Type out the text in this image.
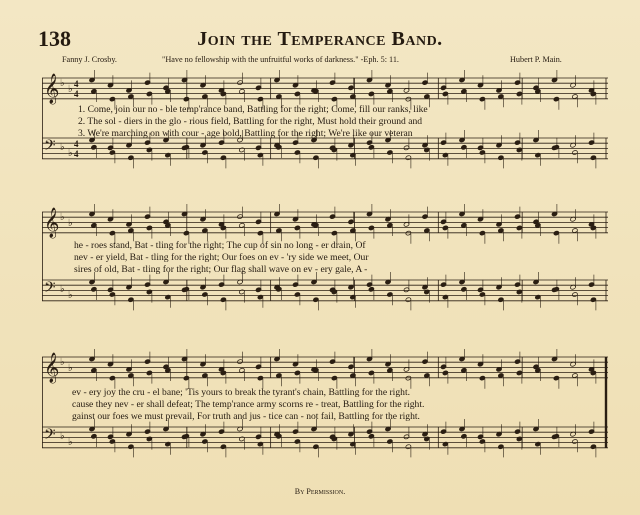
138	Join the Temperance Band.
Fanny J. Crosby.	"Have no fellowship with the unfruitful works of darkness." -Eph. 5: 11.	Hubert P. Main.
𝄞 ♭
♭ 4
4
𝄢 ♭
♭
4
4
1. Come, join our no - ble temp'rance band, Battling for the right; Come, fill our ranks, like
2. The sol - diers in the glo - rious field, Battling for the right, Must hold their ground and
3. We're marching on with cour - age bold, Battling for the right; We're like our veteran
𝄞 ♭
♭
𝄢 ♭
♭
he - roes stand, Bat - tling for the right; The cup of sin no long - er drain, Of
nev - er yield, Bat - tling for the right; Our foes on ev - 'ry side we meet, Our
sires of old, Bat - tling for the right; Our flag shall wave on ev - ery gale, A -
𝄞 ♭
♭
𝄢 ♭
♭
ev - ery joy the cru - el bane; 'Tis yours to break the tyrant's chain, Battling for the right.
cause they nev - er shall defeat; The temp'rance army scorns re - treat, Battling for the right.
gainst our foes we must prevail, For truth and jus - tice can - not fail, Battling for the right.
By Permission.
